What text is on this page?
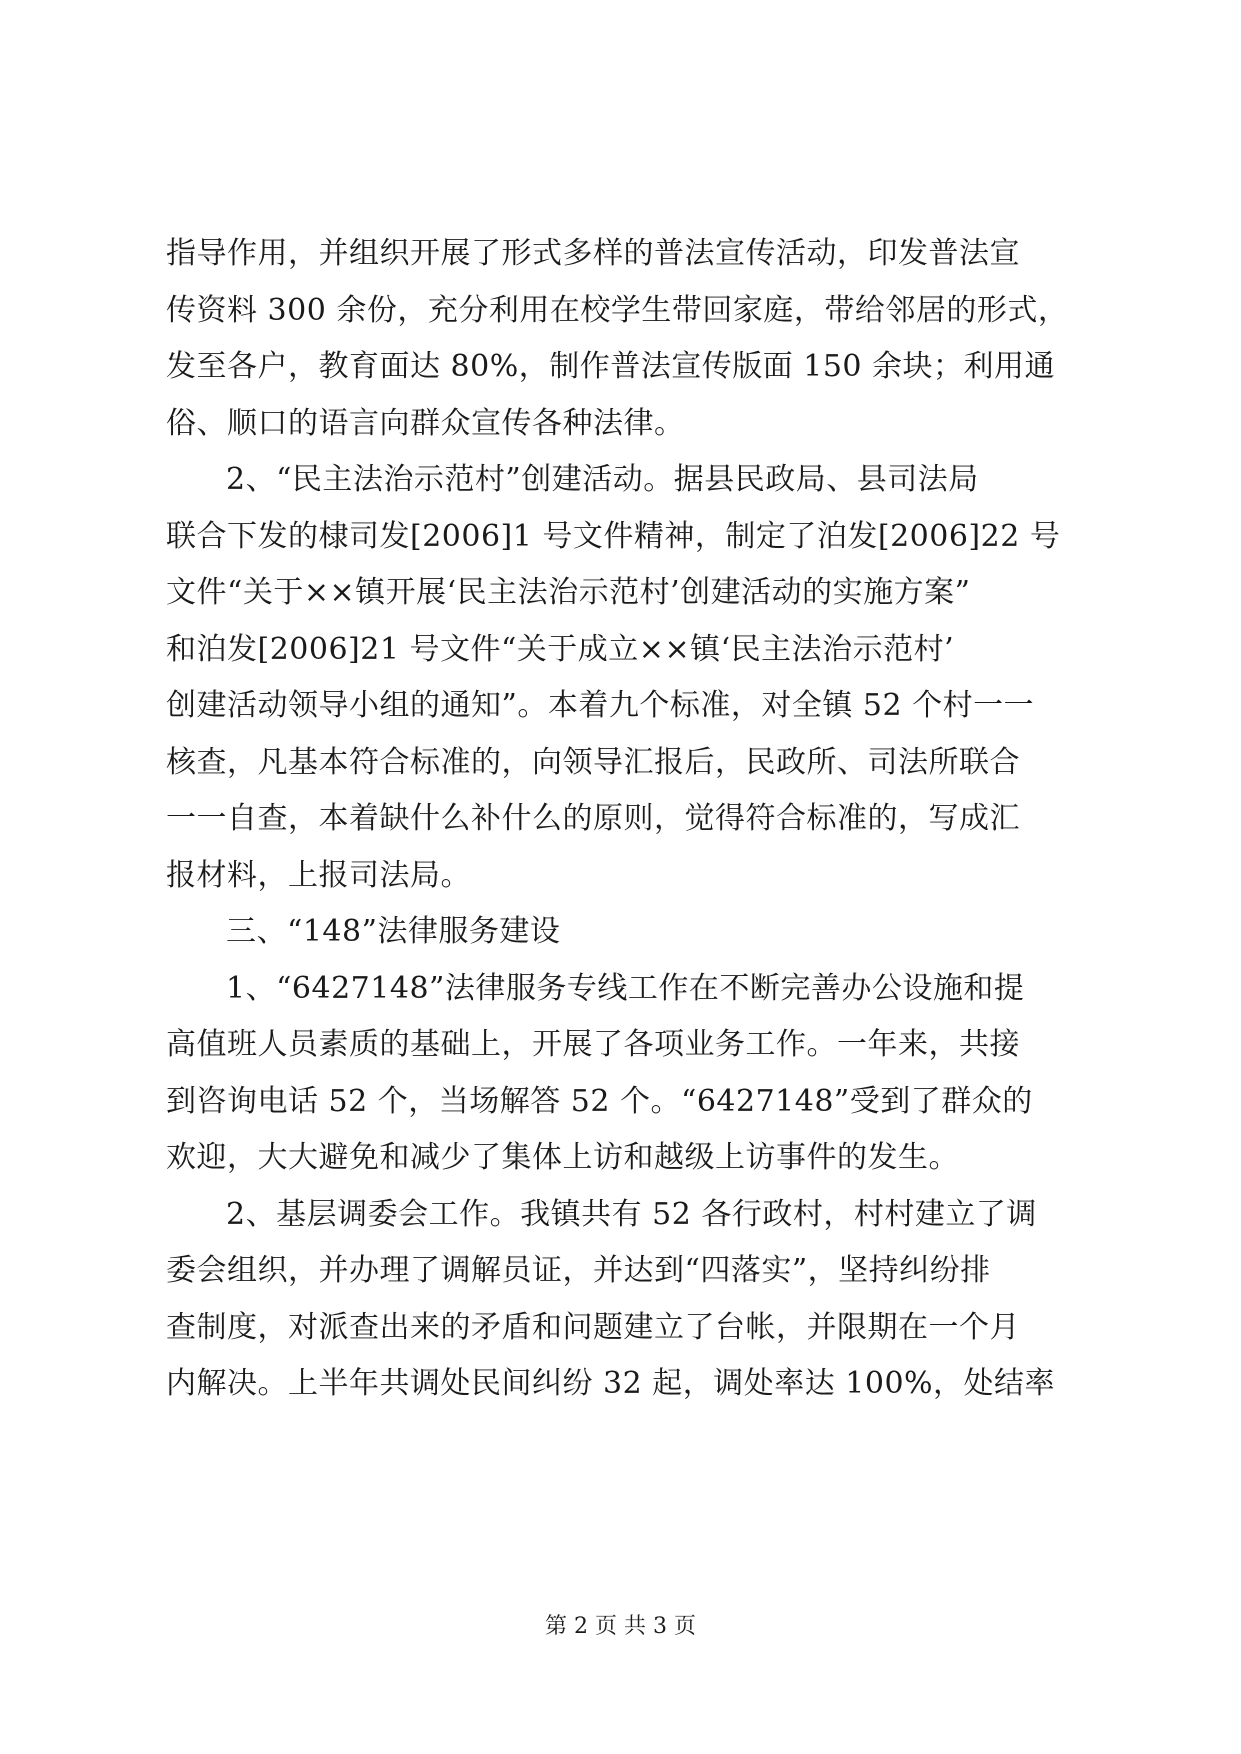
指导作用，并组织开展了形式多样的普法宣传活动，印发普法宣
传资料 300 余份，充分利用在校学生带回家庭，带给邻居的形式，
发至各户，教育面达 80%，制作普法宣传版面 150 余块；利用通
俗、顺口的语言向群众宣传各种法律。
2、“民主法治示范村”创建活动。据县民政局、县司法局
联合下发的棣司发[2006]1 号文件精神，制定了泊发[2006]22 号
文件“关于××镇开展‘民主法治示范村’创建活动的实施方案”
和泊发[2006]21 号文件“关于成立××镇‘民主法治示范村’
创建活动领导小组的通知”。本着九个标准，对全镇 52 个村一一
核查，凡基本符合标准的，向领导汇报后，民政所、司法所联合
一一自查，本着缺什么补什么的原则，觉得符合标准的，写成汇
报材料，上报司法局。
三、“148”法律服务建设
1、“6427148”法律服务专线工作在不断完善办公设施和提
高值班人员素质的基础上，开展了各项业务工作。一年来，共接
到咨询电话 52 个，当场解答 52 个。“6427148”受到了群众的
欢迎，大大避免和减少了集体上访和越级上访事件的发生。
2、基层调委会工作。我镇共有 52 各行政村，村村建立了调
委会组织，并办理了调解员证，并达到“四落实”，坚持纠纷排
查制度，对派查出来的矛盾和问题建立了台帐，并限期在一个月
内解决。上半年共调处民间纠纷 32 起，调处率达 100%，处结率
第 2 页 共 3 页
